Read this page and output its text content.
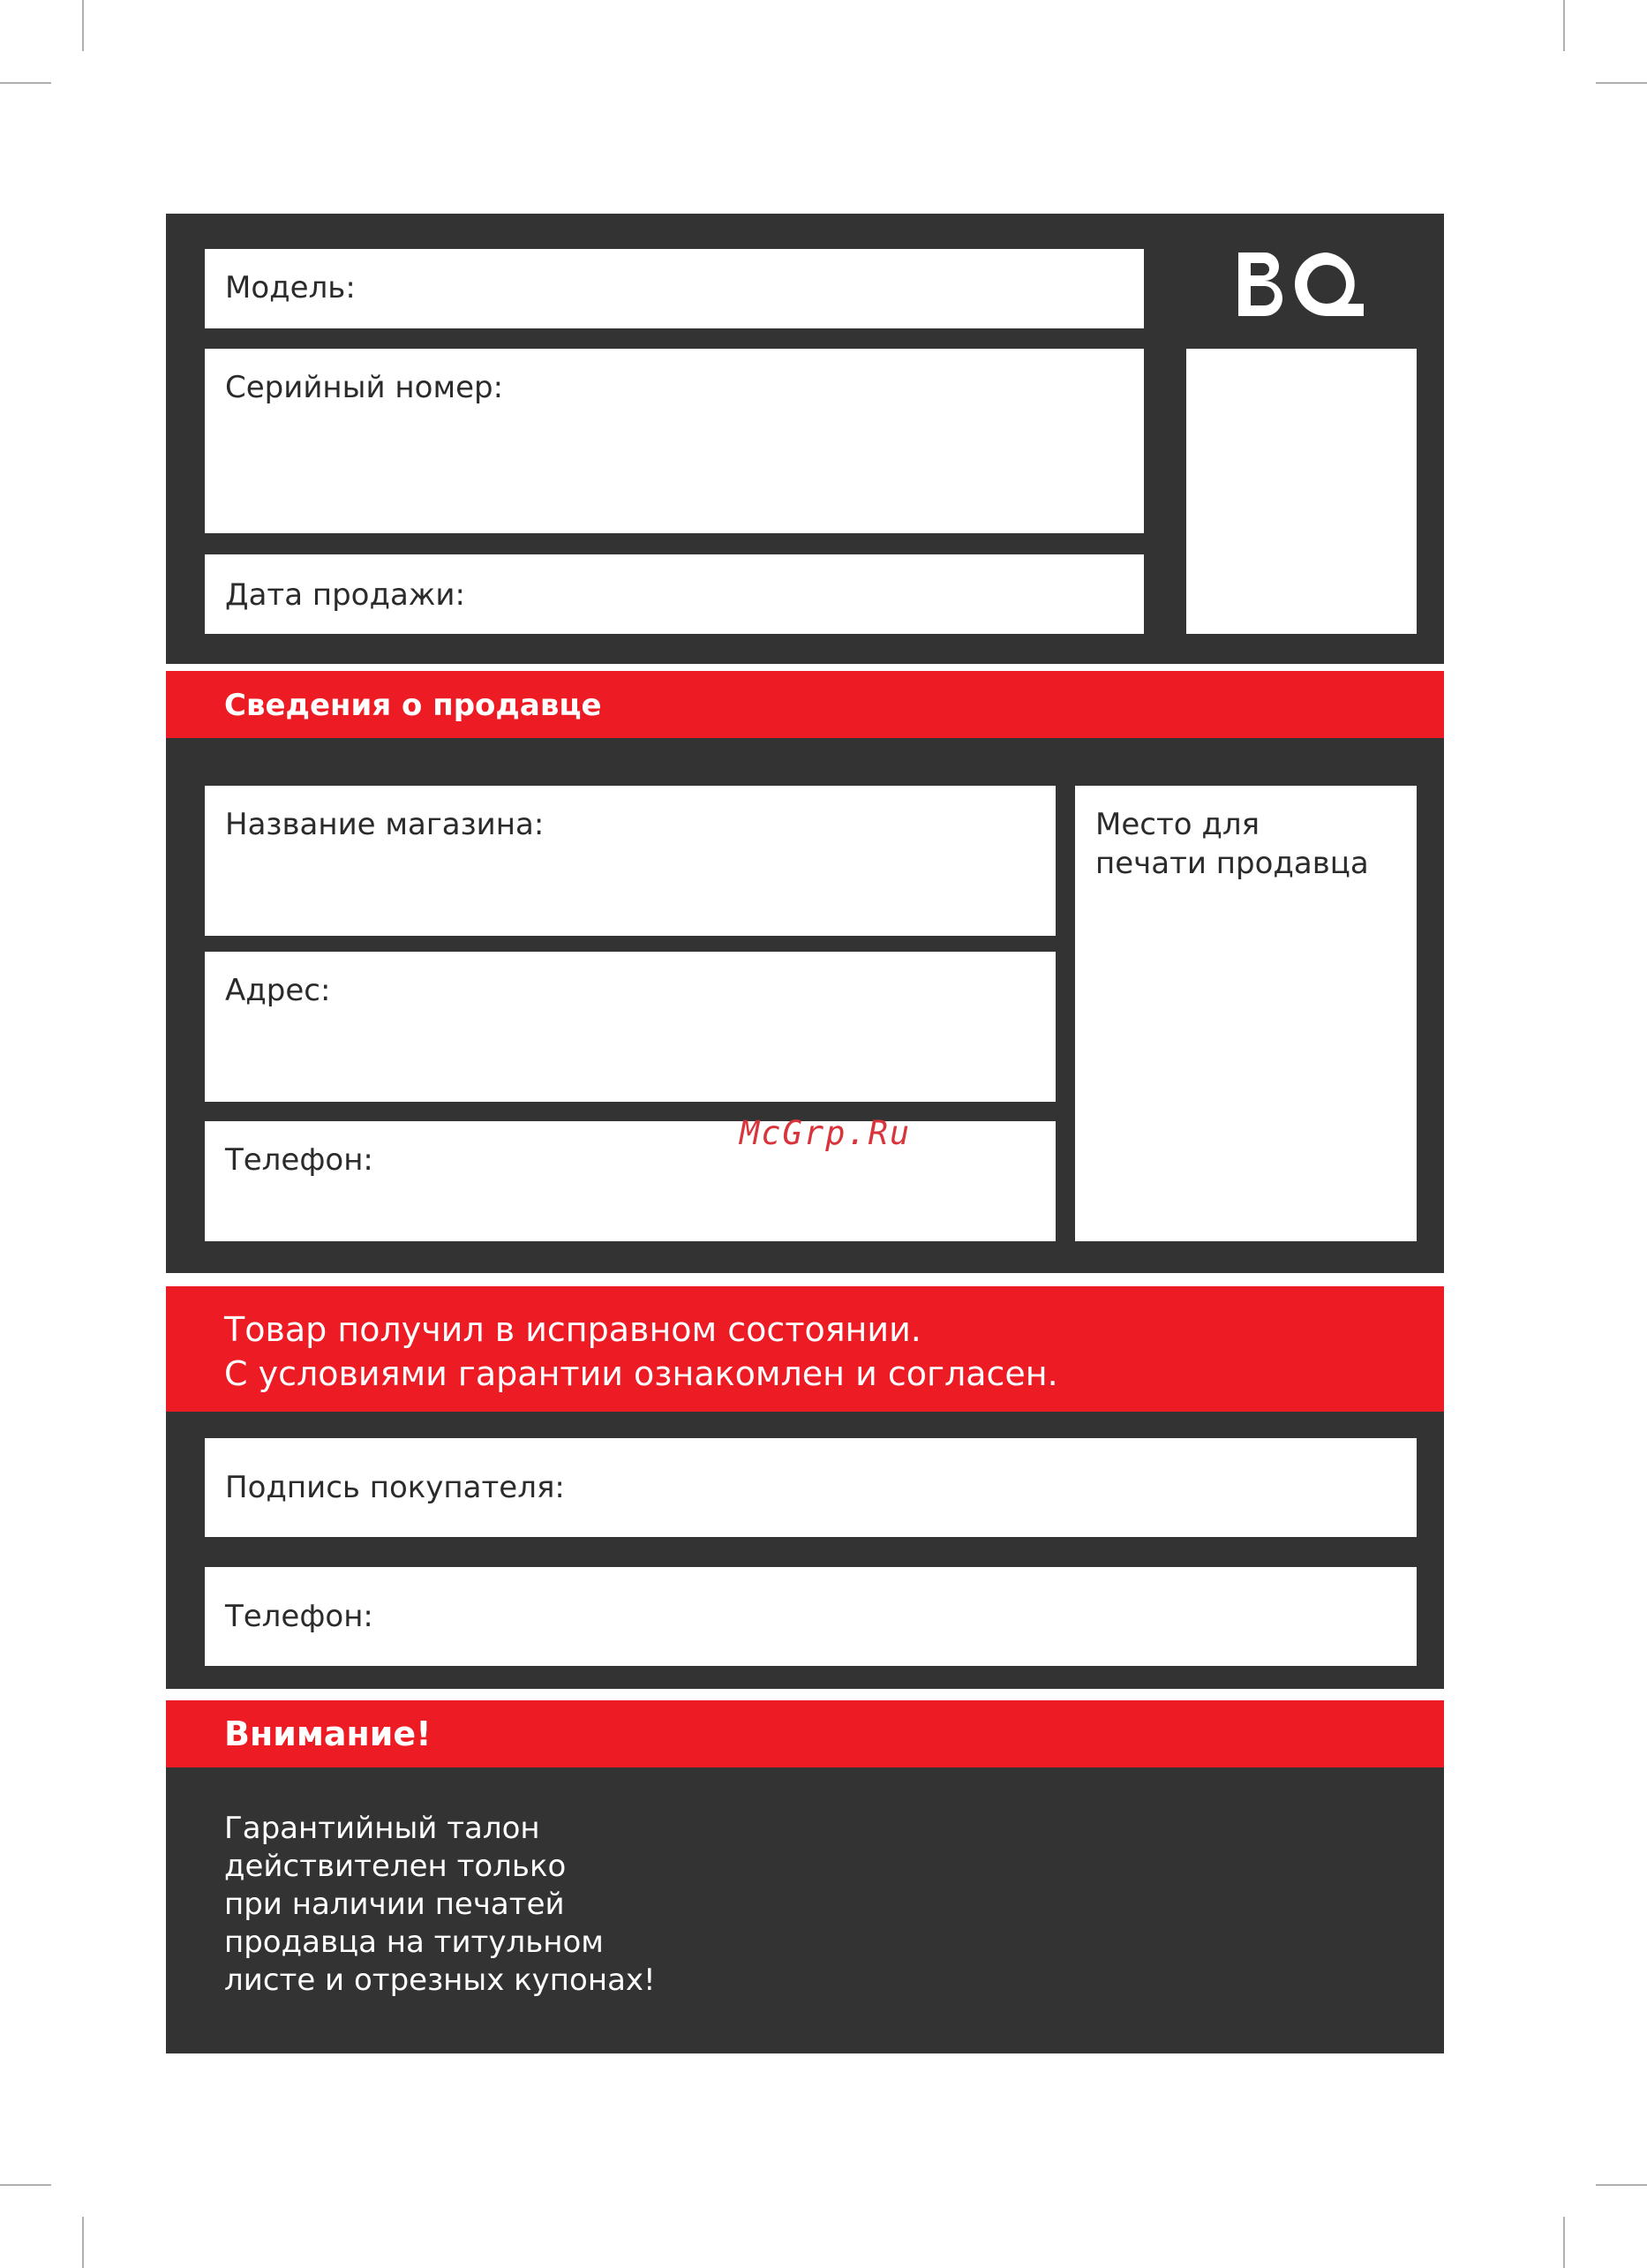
Модель:
Серийный номер:
Дата продажи:
Сведения о продавце
Название магазина:
Адрес:
Телефон:
Место для
печати продавца
McGrp.Ru
Товар получил в исправном состоянии.
С условиями гарантии ознакомлен и согласен.
Подпись покупателя:
Телефон:
Внимание!
Гарантийный талон
действителен только
при наличии печатей
продавца на титульном
листе и отрезных купонах!
